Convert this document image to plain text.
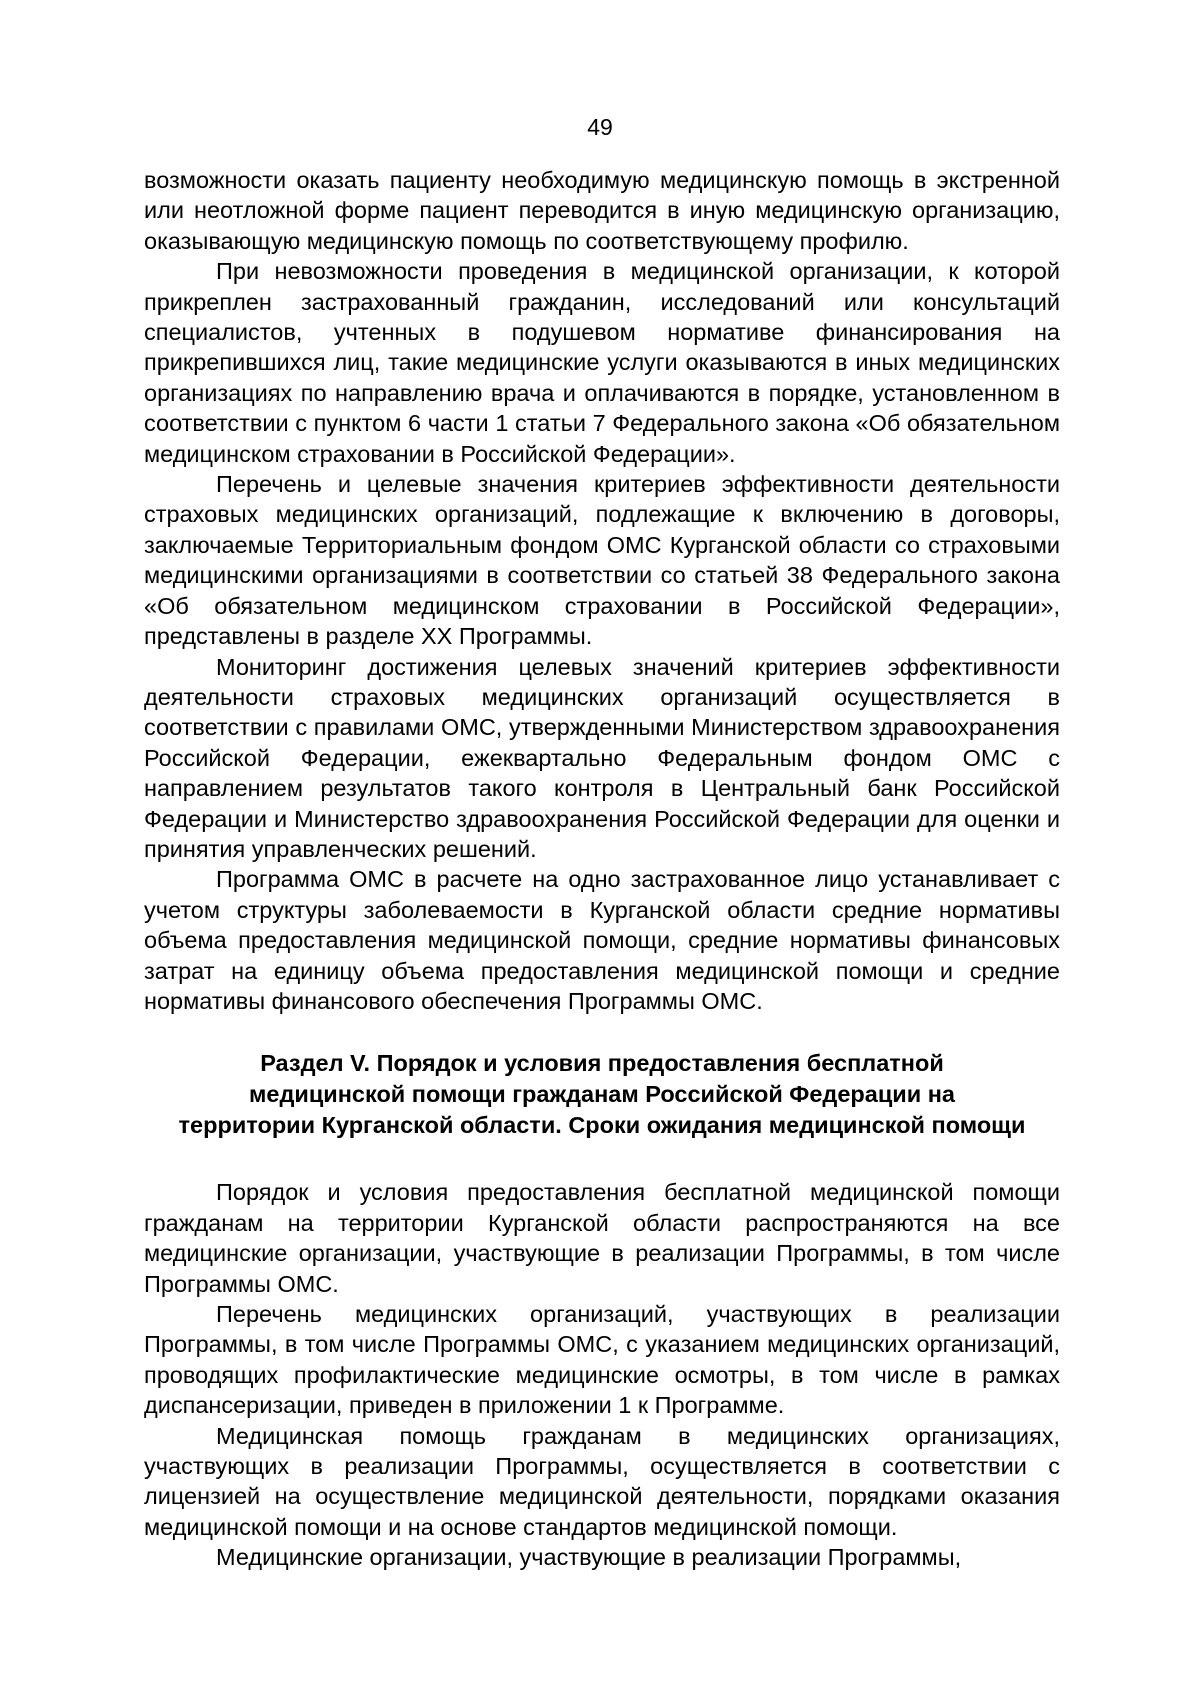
49

возможности оказать пациенту необходимую медицинскую помощь в экстренной или неотложной форме пациент переводится в иную медицинскую организацию, оказывающую медицинскую помощь по соответствующему профилю.

При невозможности проведения в медицинской организации, к которой прикреплен застрахованный гражданин, исследований или консультаций специалистов, учтенных в подушевом нормативе финансирования на прикрепившихся лиц, такие медицинские услуги оказываются в иных медицинских организациях по направлению врача и оплачиваются в порядке, установленном в соответствии с пунктом 6 части 1 статьи 7 Федерального закона «Об обязательном медицинском страховании в Российской Федерации».

Перечень и целевые значения критериев эффективности деятельности страховых медицинских организаций, подлежащие к включению в договоры, заключаемые Территориальным фондом ОМС Курганской области со страховыми медицинскими организациями в соответствии со статьей 38 Федерального закона «Об обязательном медицинском страховании в Российской Федерации», представлены в разделе XX Программы.

Мониторинг достижения целевых значений критериев эффективности деятельности страховых медицинских организаций осуществляется в соответствии с правилами ОМС, утвержденными Министерством здравоохранения Российской Федерации, ежеквартально Федеральным фондом ОМС с направлением результатов такого контроля в Центральный банк Российской Федерации и Министерство здравоохранения Российской Федерации для оценки и принятия управленческих решений.

Программа ОМС в расчете на одно застрахованное лицо устанавливает с учетом структуры заболеваемости в Курганской области средние нормативы объема предоставления медицинской помощи, средние нормативы финансовых затрат на единицу объема предоставления медицинской помощи и средние нормативы финансового обеспечения Программы ОМС.

Раздел V. Порядок и условия предоставления бесплатной
медицинской помощи гражданам Российской Федерации на
территории Курганской области. Сроки ожидания медицинской помощи

Порядок и условия предоставления бесплатной медицинской помощи гражданам на территории Курганской области распространяются на все медицинские организации, участвующие в реализации Программы, в том числе Программы ОМС.

Перечень медицинских организаций, участвующих в реализации Программы, в том числе Программы ОМС, с указанием медицинских организаций, проводящих профилактические медицинские осмотры, в том числе в рамках диспансеризации, приведен в приложении 1 к Программе.

Медицинская помощь гражданам в медицинских организациях, участвующих в реализации Программы, осуществляется в соответствии с лицензией на осуществление медицинской деятельности, порядками оказания медицинской помощи и на основе стандартов медицинской помощи.

Медицинские организации, участвующие в реализации Программы,
